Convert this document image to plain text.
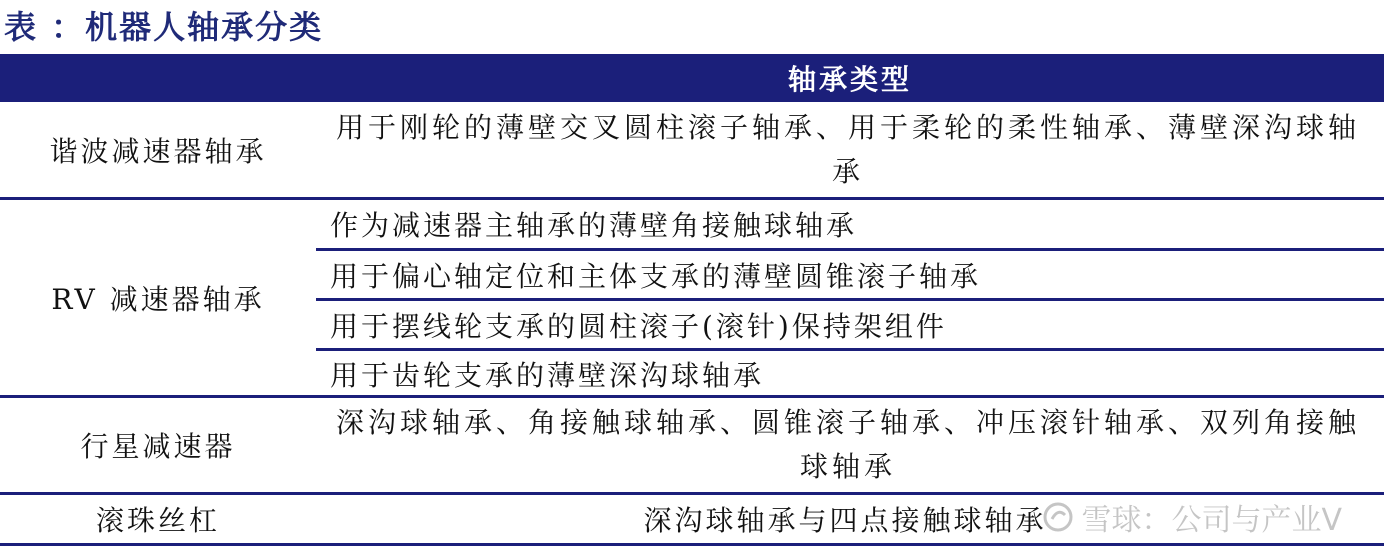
表 ：机器人轴承分类
轴承类型
谐波减速器轴承
用于刚轮的薄壁交叉圆柱滚子轴承、用于柔轮的柔性轴承、薄壁深沟球轴承
RV 减速器轴承
作为减速器主轴承的薄壁角接触球轴承
用于偏心轴定位和主体支承的薄壁圆锥滚子轴承
用于摆线轮支承的圆柱滚子(滚针)保持架组件
用于齿轮支承的薄壁深沟球轴承
行星减速器
深沟球轴承、角接触球轴承、圆锥滚子轴承、冲压滚针轴承、双列角接触球轴承
滚珠丝杠	深沟球轴承与四点接触球轴承	雪球：公司与产业V
